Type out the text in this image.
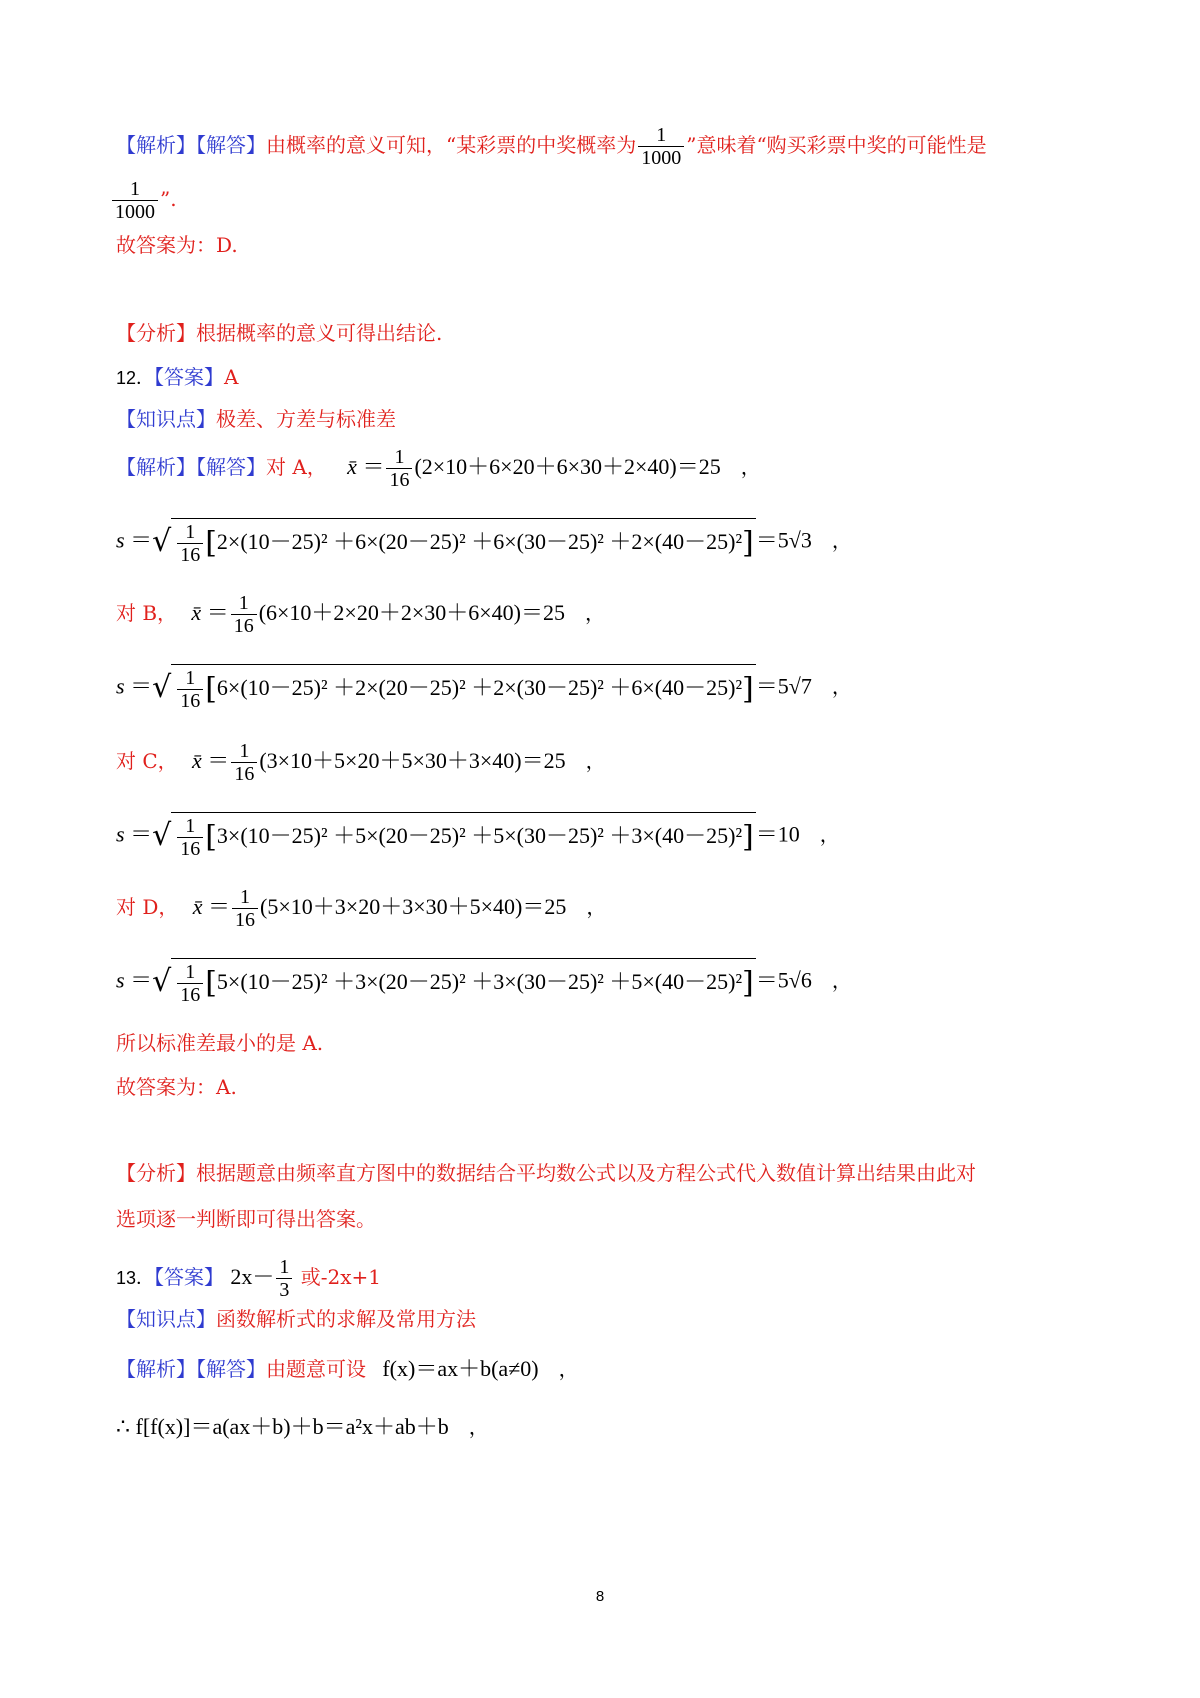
【解析】【解答】由概率的意义可知，“某彩票的中奖概率为 $\frac{1}{1000}$ ”意味着“购买彩票中奖的可能性是
$\frac{1}{1000}$ ”.
故答案为：D.
【分析】根据概率的意义可得出结论.
12．【答案】A
【知识点】极差、方差与标准差
【解析】【解答】对 A， x̄ ＝ $\frac{1}{16} (2\times 10+6\times 20+6\times 30+2\times 40)=25$　，
s ＝√ $\frac{1}{16} [2\times(10-25)^2 +6\times(20-25)^2 +6\times(30-25)^2 +2\times(40-25)^2]=5√3$　，
对 B， x̄ ＝ $\frac{1}{16} (6\times 10+2\times 20+2\times 30+6\times 40)=25$　，
s ＝√ $\frac{1}{16} [6\times(10-25)^2 +2\times(20-25)^2 +2\times(30-25)^2 +6\times(40-25)^2]=5√7$　，
对 C， x̄ ＝ $\frac{1}{16} (3\times 10+5\times 20+5\times 30+3\times 40)=25$　，
s ＝√ $\frac{1}{16} [3\times(10-25)^2 +5\times(20-25)^2 +5\times(30-25)^2 +3\times(40-25)^2]=10$　，
对 D， x̄ ＝ $\frac{1}{16} (5\times 10+3\times 20+3\times 30+5\times 40)=25$　，
s ＝√ $\frac{1}{16} [5\times(10-25)^2 +3\times(20-25)^2 +3\times(30-25)^2 +5\times(40-25)^2]=5√6$　，
所以标准差最小的是 A.
故答案为：A.
【分析】根据题意由频率直方图中的数据结合平均数公式以及方程公式代入数值计算出结果由此对
选项逐一判断即可得出答案。
13．【答案】 $2x- \frac{1}{3}$ 或-2x+1
【知识点】函数解析式的求解及常用方法
【解析】【解答】由题意可设 f(x)＝ax＋b(a≠0)　，
∴ f[f(x)]＝a(ax＋b)＋b＝a²x＋ab＋b　，
8
